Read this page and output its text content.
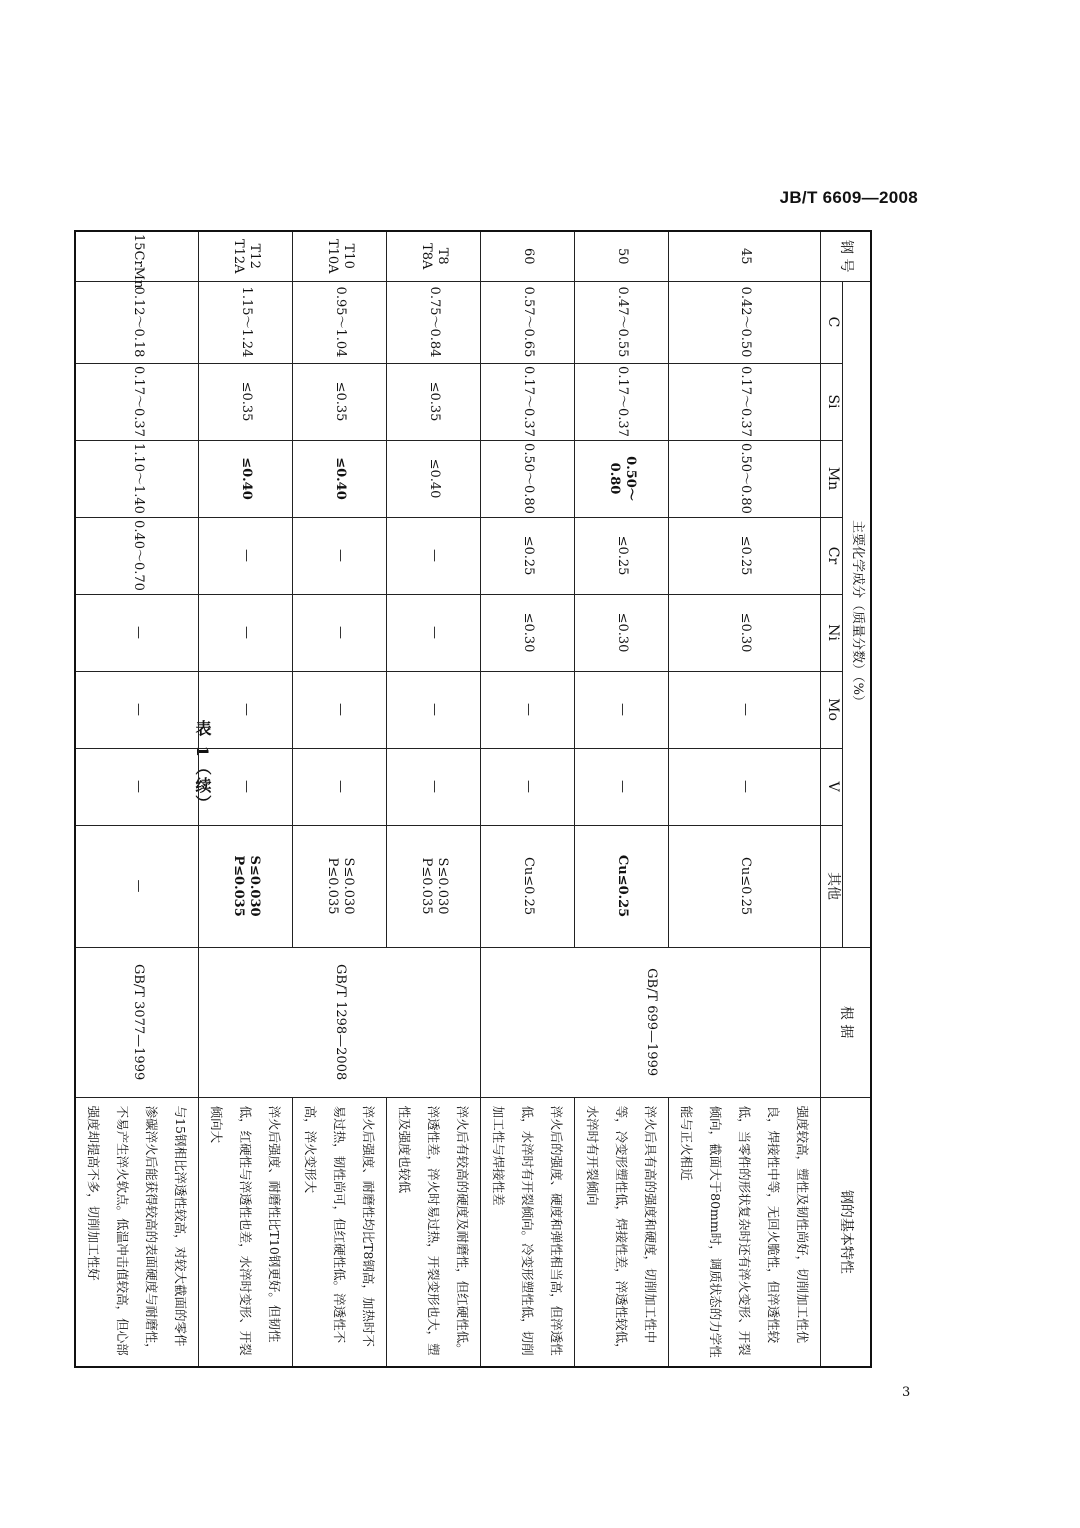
JB/T 6609—2008
表 1（续）
钢 号	主要化学成分（质量分数）（%）								根 据	钢的基本特性
	C	Si	Mn	Cr	Ni	Mo	V	其他		
45	0.42～0.50	0.17～0.37	0.50～0.80	≤0.25	≤0.30	—	—	Cu≤0.25	GB/T 699—1999	强度较高，塑性及韧性尚好，切削加工性优良，焊接性中等，无回火脆性，但淬透性较低，当零件的形状复杂时还有淬火变形、开裂倾向，截面大于80mm时，调质状态的力学性能与正火相近
50	0.47～0.55	0.17～0.37	0.50～0.80	≤0.25	≤0.30	—	—	Cu≤0.25		淬火后具有高的强度和硬度，切削加工性中等，冷变形塑性低，焊接性差，淬透性较低，水淬时有开裂倾向
60	0.57～0.65	0.17～0.37	0.50～0.80	≤0.25	≤0.30	—	—	Cu≤0.25		淬火后的强度、硬度和弹性相当高，但淬透性低，水淬时有开裂倾向。冷变形塑性低，切削加工性与焊接性差
T8
T8A	0.75～0.84	≤0.35	≤0.40	—	—	—	—	S≤0.030
P≤0.035	GB/T 1298—2008	淬火后有较高的硬度及耐磨性，但红硬性低。淬透性差，淬火时易过热，开裂变形也大，塑性及强度也较低
T10
T10A	0.95～1.04	≤0.35	≤0.40	—	—	—	—	S≤0.030
P≤0.035		淬火后强度、耐磨性均比T8钢高，加热时不易过热，韧性尚可，但红硬性低。淬透性不高，淬火变形大
T12
T12A	1.15～1.24	≤0.35	≤0.40	—	—	—	—	S≤0.030
P≤0.035		淬火后强度、耐磨性比T10钢更好。但韧性低，红硬性与淬透性也差，水淬时变形、开裂倾向大
15CrMn	0.12～0.18	0.17～0.37	1.10～1.40	0.40～0.70	—	—	—	—	GB/T 3077—1999	与15钢相比淬透性较高，对较大截面的零件渗碳淬火后能获得较高的表面硬度与耐磨性，不易产生淬火软点。低温冲击值较高，但心部强度却提高不多，切削加工性好
3
